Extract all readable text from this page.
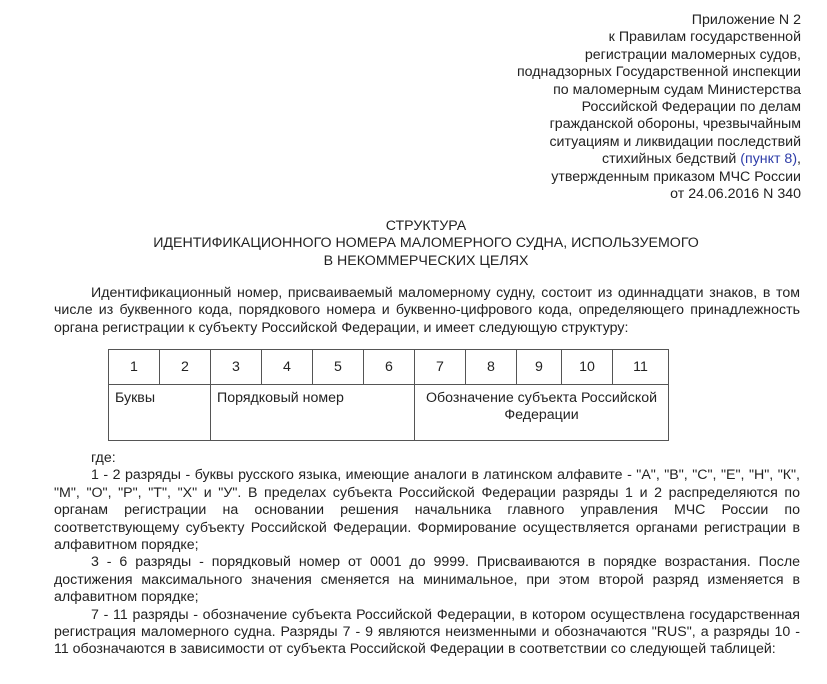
Приложение N 2
к Правилам государственной
регистрации маломерных судов,
поднадзорных Государственной инспекции
по маломерным судам Министерства
Российской Федерации по делам
гражданской обороны, чрезвычайным
ситуациям и ликвидации последствий
стихийных бедствий (пункт 8),
утвержденным приказом МЧС России
от 24.06.2016 N 340
СТРУКТУРА
ИДЕНТИФИКАЦИОННОГО НОМЕРА МАЛОМЕРНОГО СУДНА, ИСПОЛЬЗУЕМОГО
В НЕКОММЕРЧЕСКИХ ЦЕЛЯХ
Идентификационный номер, присваиваемый маломерному судну, состоит из одиннадцати знаков, в том числе из буквенного кода, порядкового номера и буквенно-цифрового кода, определяющего принадлежность органа регистрации к субъекту Российской Федерации, и имеет следующую структуру:
1	2	3	4	5	6	7	8	9	10	11
Буквы		Порядковый номер				Обозначение субъекта Российской Федерации				

где:

1 - 2 разряды - буквы русского языка, имеющие аналоги в латинском алфавите - "А", "В", "С", "Е", "Н", "К", "М", "О", "Р", "Т", "Х" и "У". В пределах субъекта Российской Федерации разряды 1 и 2 распределяются по органам регистрации на основании решения начальника главного управления МЧС России по соответствующему субъекту Российской Федерации. Формирование осуществляется органами регистрации в алфавитном порядке;

3 - 6 разряды - порядковый номер от 0001 до 9999. Присваиваются в порядке возрастания. После достижения максимального значения сменяется на минимальное, при этом второй разряд изменяется в алфавитном порядке;

7 - 11 разряды - обозначение субъекта Российской Федерации, в котором осуществлена государственная регистрация маломерного судна. Разряды 7 - 9 являются неизменными и обозначаются "RUS", а разряды 10 - 11 обозначаются в зависимости от субъекта Российской Федерации в соответствии со следующей таблицей:
